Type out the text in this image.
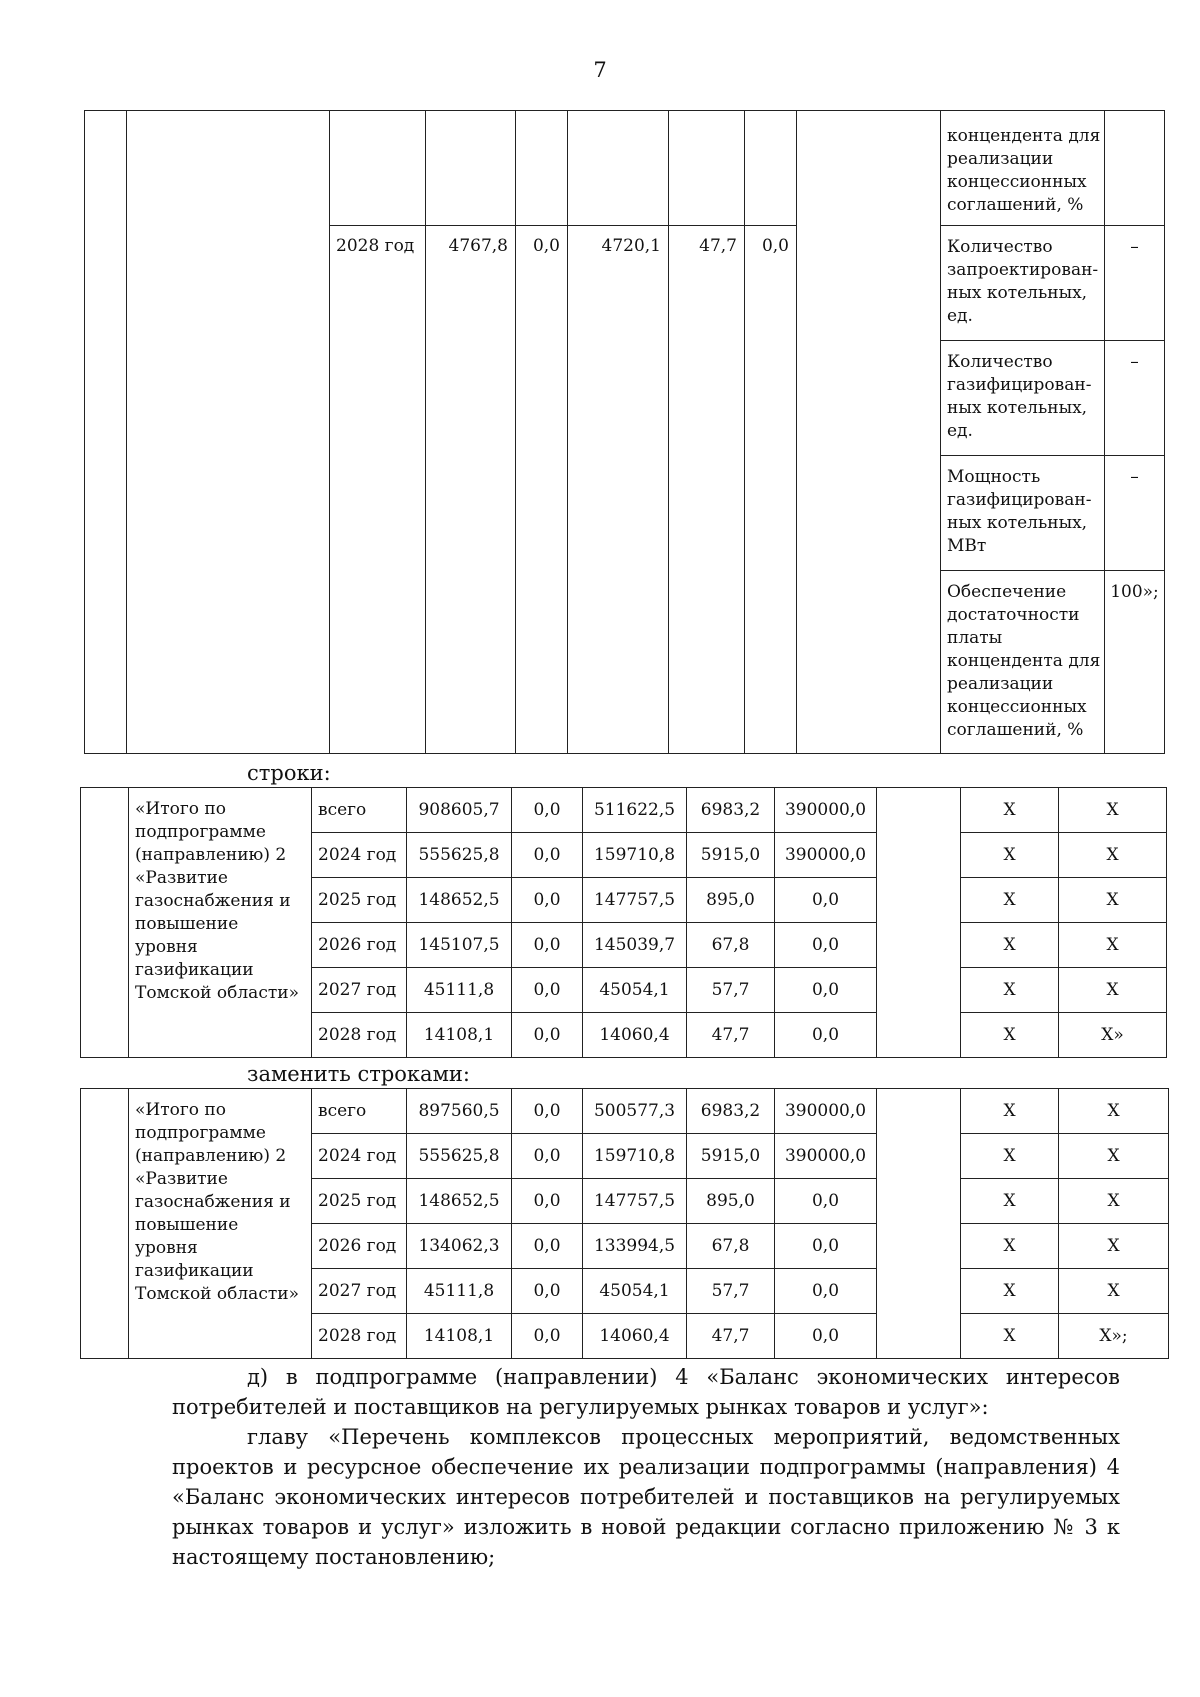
7
									концендента для реализации концессионных соглашений, %	
		2028 год	4767,8	0,0	4720,1	47,7	0,0		Количество запроектирован-ных котельных, ед.	–
									Количество газифицирован-ных котельных, ед.	–
									Мощность газифицирован-ных котельных, МВт	–
									Обеспечение достаточности платы концендента для реализации концессионных соглашений, %	100»;
строки:
	«Итого по подпрограмме (направлению) 2 «Развитие газоснабжения и повышение уровня газификации Томской области»	всего	908605,7	0,0	511622,5	6983,2	390000,0		X	X
		2024 год	555625,8	0,0	159710,8	5915,0	390000,0		X	X
		2025 год	148652,5	0,0	147757,5	895,0	0,0		X	X
		2026 год	145107,5	0,0	145039,7	67,8	0,0		X	X
		2027 год	45111,8	0,0	45054,1	57,7	0,0		X	X
		2028 год	14108,1	0,0	14060,4	47,7	0,0		X	X»
заменить строками:
	«Итого по подпрограмме (направлению) 2 «Развитие газоснабжения и повышение уровня газификации Томской области»	всего	897560,5	0,0	500577,3	6983,2	390000,0		X	X
		2024 год	555625,8	0,0	159710,8	5915,0	390000,0		X	X
		2025 год	148652,5	0,0	147757,5	895,0	0,0		X	X
		2026 год	134062,3	0,0	133994,5	67,8	0,0		X	X
		2027 год	45111,8	0,0	45054,1	57,7	0,0		X	X
		2028 год	14108,1	0,0	14060,4	47,7	0,0		X	X»;
д) в подпрограмме (направлении) 4 «Баланс экономических интересов потребителей и поставщиков на регулируемых рынках товаров и услуг»:
главу «Перечень комплексов процессных мероприятий, ведомственных проектов и ресурсное обеспечение их реализации подпрограммы (направления) 4 «Баланс экономических интересов потребителей и поставщиков на регулируемых рынках товаров и услуг» изложить в новой редакции согласно приложению № 3 к настоящему постановлению;
